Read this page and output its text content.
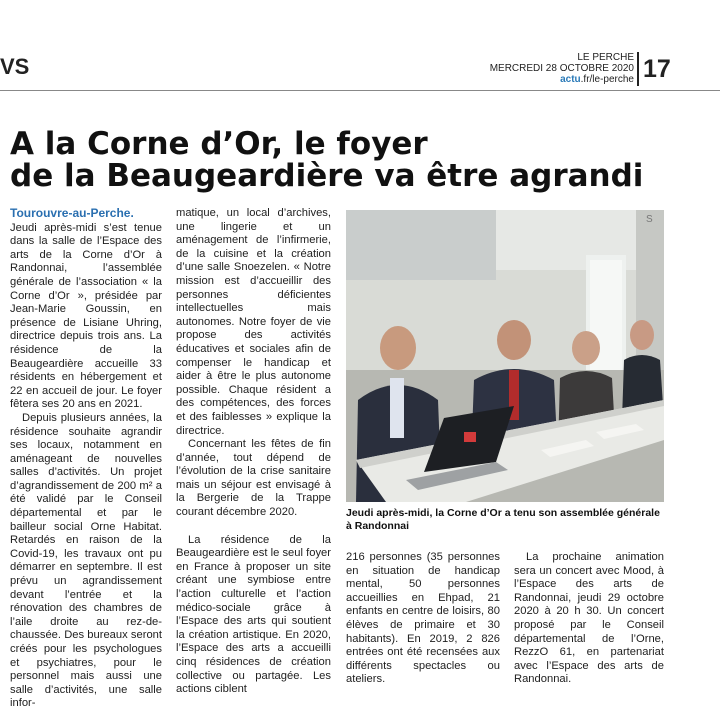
VS	LE PERCHE
MERCREDI 28 OCTOBRE 2020
actu.fr/le-perche 17
A la Corne d’Or, le foyer
de la Beaugeardière va être agrandi

Tourouvre-au-Perche.
Jeudi après-midi s’est tenue dans la salle de l’Espace des arts de la Corne d’Or à Randonnai, l’assemblée générale de l’association « la Corne d’Or », présidée par Jean-Marie Goussin, en présence de Lisiane Uhring, directrice depuis trois ans. La résidence de la Beaugeardière accueille 33 résidents en hébergement et 22 en accueil de jour. Le foyer fêtera ses 20 ans en 2021.

Depuis plusieurs années, la résidence souhaite agrandir ses locaux, notamment en aménageant de nouvelles salles d’activités. Un projet d’agrandissement de 200 m² a été validé par le Conseil départemental et par le bailleur social Orne Habitat. Retardés en raison de la Covid-19, les travaux ont pu démarrer en septembre. Il est prévu un agrandissement devant l’entrée et la rénovation des chambres de l’aile droite au rez-de-chaussée. Des bureaux seront créés pour les psychologues et psychiatres, pour le personnel mais aussi une salle d’activités, une salle infor-

matique, un local d’archives, une lingerie et un aménagement de l’infirmerie, de la cuisine et la création d’une salle Snoezelen. « Notre mission est d’accueillir des personnes déficientes intellectuelles mais autonomes. Notre foyer de vie propose des activités éducatives et sociales afin de compenser le handicap et aider à être le plus autonome possible. Chaque résident a des compétences, des forces et des faiblesses » explique la directrice.

Concernant les fêtes de fin d’année, tout dépend de l’évolution de la crise sanitaire mais un séjour est envisagé à la Bergerie de la Trappe courant décembre 2020.

La résidence de la Beaugeardière est le seul foyer en France à proposer un site créant une symbiose entre l’action culturelle et l’action médico-sociale grâce à l’Espace des arts qui soutient la création artistique. En 2020, l’Espace des arts a accueilli cinq résidences de création collective ou partagée. Les actions ciblent

S
Jeudi après-midi, la Corne d’Or a tenu son assemblée générale à Randonnai

216 personnes (35 personnes en situation de handicap mental, 50 personnes accueillies en Ehpad, 21 enfants en centre de loisirs, 80 élèves de primaire et 30 habitants). En 2019, 2 826 entrées ont été recensées aux différents spectacles ou ateliers.

La prochaine animation sera un concert avec Mood, à l’Espace des arts de Randonnai, jeudi 29 octobre 2020 à 20 h 30. Un concert proposé par le Conseil départemental de l’Orne, RezzO 61, en partenariat avec l’Espace des arts de Randonnai.
